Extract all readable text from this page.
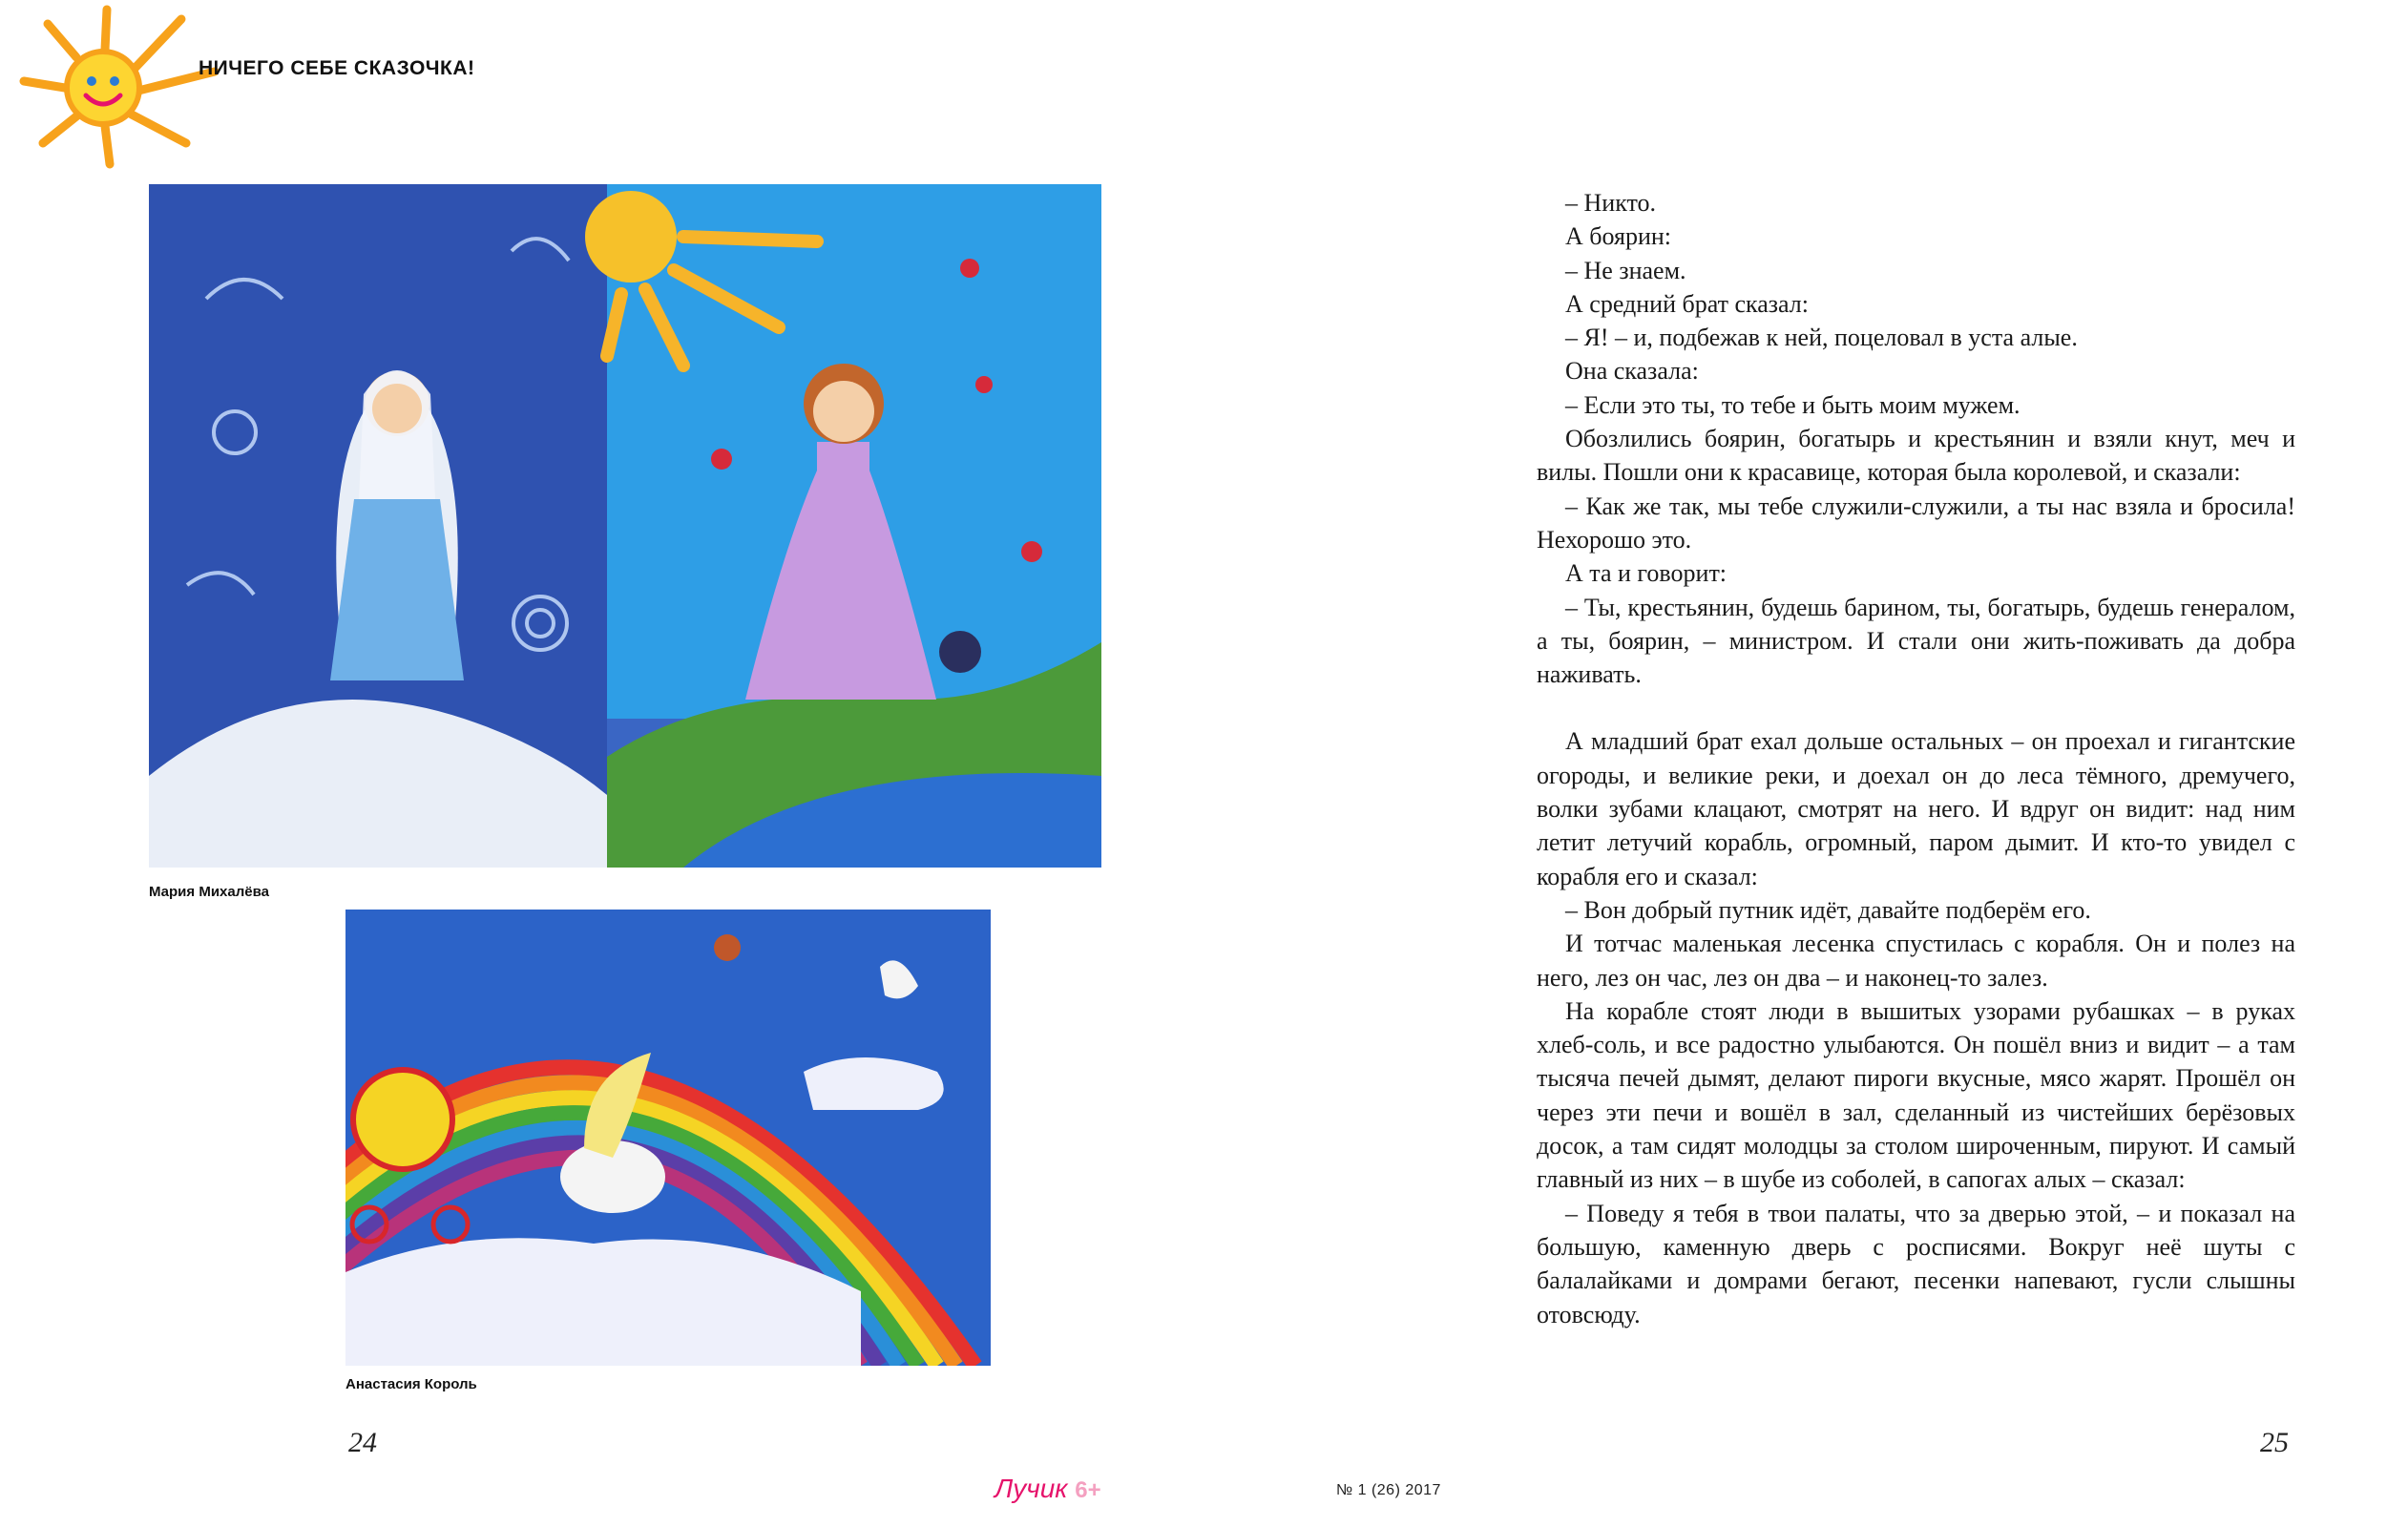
НИЧЕГО СЕБЕ СКАЗОЧКА!
Мария Михалёва
Анастасия Король

– Никто.

А боярин:

– Не знаем.

А средний брат сказал:

– Я! – и, подбежав к ней, поцеловал в уста алые.

Она сказала:

– Если это ты, то тебе и быть моим мужем.

Обозлились боярин, богатырь и крестьянин и взяли кнут, меч и вилы. Пошли они к красавице, которая была королевой, и сказали:

– Как же так, мы тебе служили-служили, а ты нас взяла и бросила! Нехорошо это.

А та и говорит:

– Ты, крестьянин, будешь барином, ты, богатырь, будешь генералом, а ты, боярин, – министром. И стали они жить-поживать да добра наживать.

А младший брат ехал дольше остальных – он проехал и гигантские огороды, и великие реки, и доехал он до леса тёмного, дремучего, волки зубами клацают, смотрят на него. И вдруг он видит: над ним летит летучий корабль, огромный, паром дымит. И кто-то увидел с корабля его и сказал:

– Вон добрый путник идёт, давайте подберём его.

И тотчас маленькая лесенка спустилась с корабля. Он и полез на него, лез он час, лез он два – и наконец-то залез.

На корабле стоят люди в вышитых узорами рубашках – в руках хлеб-соль, и все радостно улыбаются. Он пошёл вниз и видит – а там тысяча печей дымят, делают пироги вкусные, мясо жарят. Прошёл он через эти печи и вошёл в зал, сделанный из чистейших берёзовых досок, а там сидят молодцы за столом широченным, пируют. И самый главный из них – в шубе из соболей, в сапогах алых – сказал:

– Поведу я тебя в твои палаты, что за дверью этой, – и показал на большую, каменную дверь с росписями. Вокруг неё шуты с балалайками и домрами бегают, песенки напевают, гусли слышны отовсюду.

24	25
Лучик 6+	№ 1 (26) 2017
